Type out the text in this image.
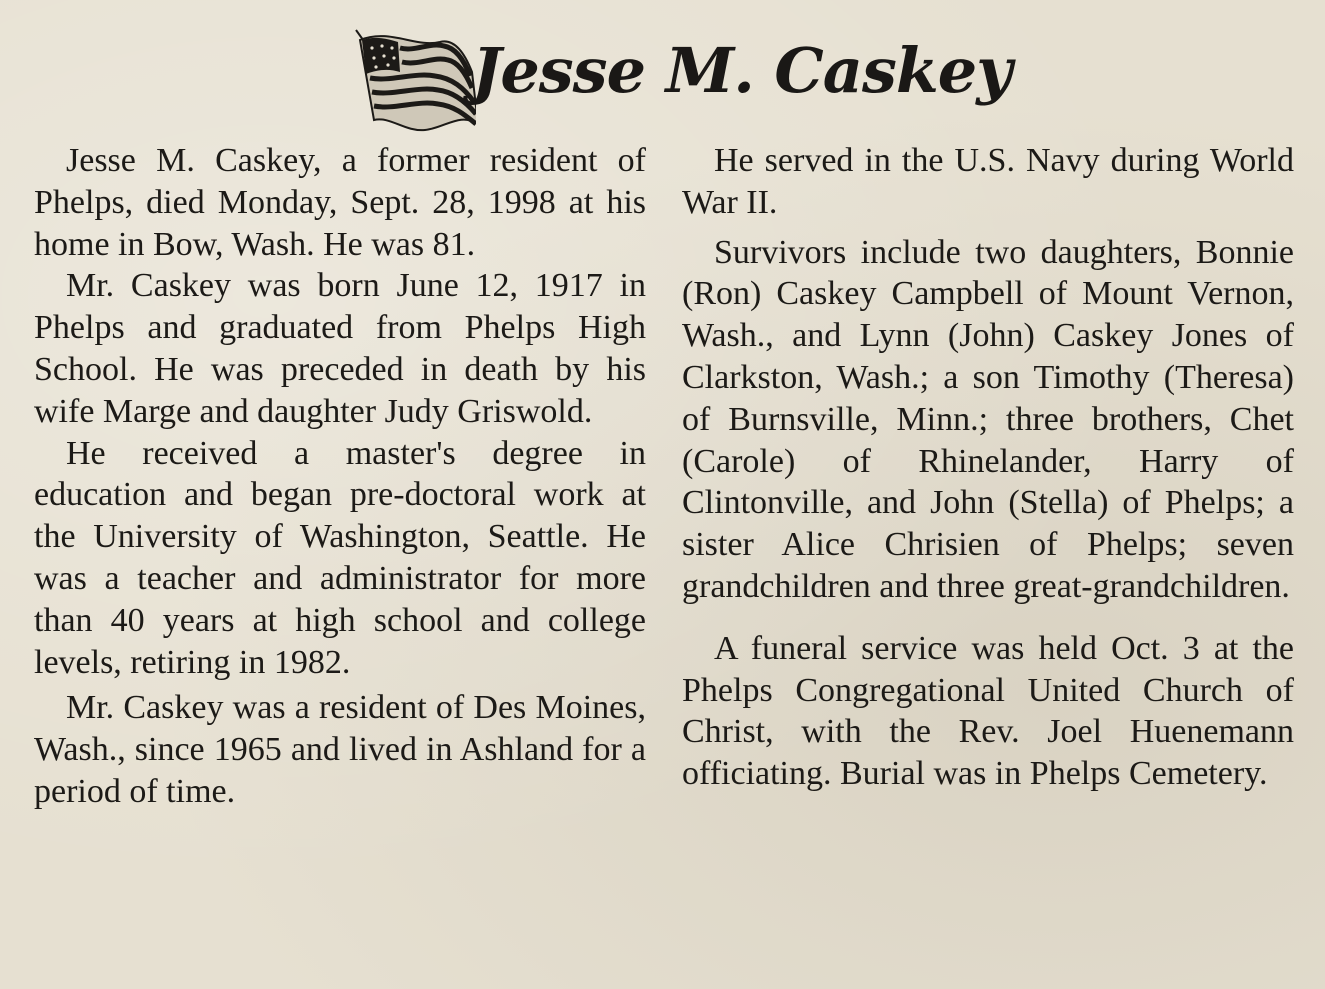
Jesse M. Caskey

Jesse M. Caskey, a former resident of Phelps, died Monday, Sept. 28, 1998 at his home in Bow, Wash. He was 81.

Mr. Caskey was born June 12, 1917 in Phelps and graduated from Phelps High School. He was preceded in death by his wife Marge and daughter Judy Griswold.

He received a master's degree in education and began pre-doctoral work at the University of Washington, Seattle. He was a teacher and administrator for more than 40 years at high school and college levels, retiring in 1982.

Mr. Caskey was a resident of Des Moines, Wash., since 1965 and lived in Ashland for a period of time.

He served in the U.S. Navy during World War II.

Survivors include two daughters, Bonnie (Ron) Caskey Campbell of Mount Vernon, Wash., and Lynn (John) Caskey Jones of Clarkston, Wash.; a son Timothy (Theresa) of Burnsville, Minn.; three brothers, Chet (Carole) of Rhinelander, Harry of Clintonville, and John (Stella) of Phelps; a sister Alice Chrisien of Phelps; seven grandchildren and three great-grandchildren.

A funeral service was held Oct. 3 at the Phelps Congregational United Church of Christ, with the Rev. Joel Huenemann officiating. Burial was in Phelps Cemetery.
